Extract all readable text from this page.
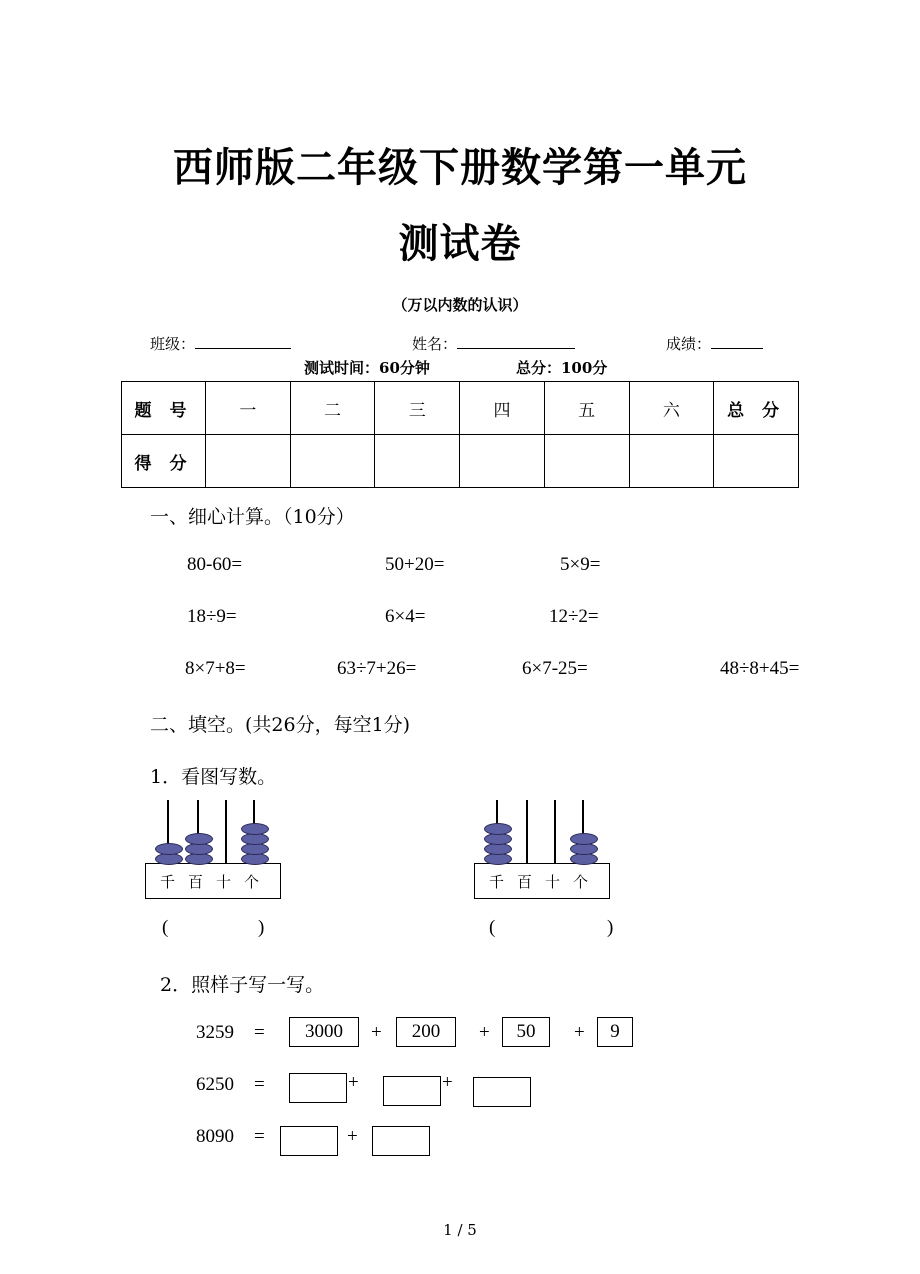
西师版二年级下册数学第一单元
测试卷
（万以内数的认识）
班级：	姓名：	成绩：
测试时间：60分钟	总分：100分
题 号	一	二	三	四	五	六	总 分
得 分							
一、细心计算。（10分）
80-60=	50+20=	5×9=
18÷9=	6×4=	12÷2=
8×7+8=	63÷7+26=	6×7-25=	48÷8+45=
二、填空。(共26分，每空1分)
1．看图写数。
千 百 十 个
(	)
千 百 十 个
(	)
2．照样子写一写。
3259 =	3000	+	200	+	50	+	9
6250 =	+	+
8090 =	+
1 / 5
